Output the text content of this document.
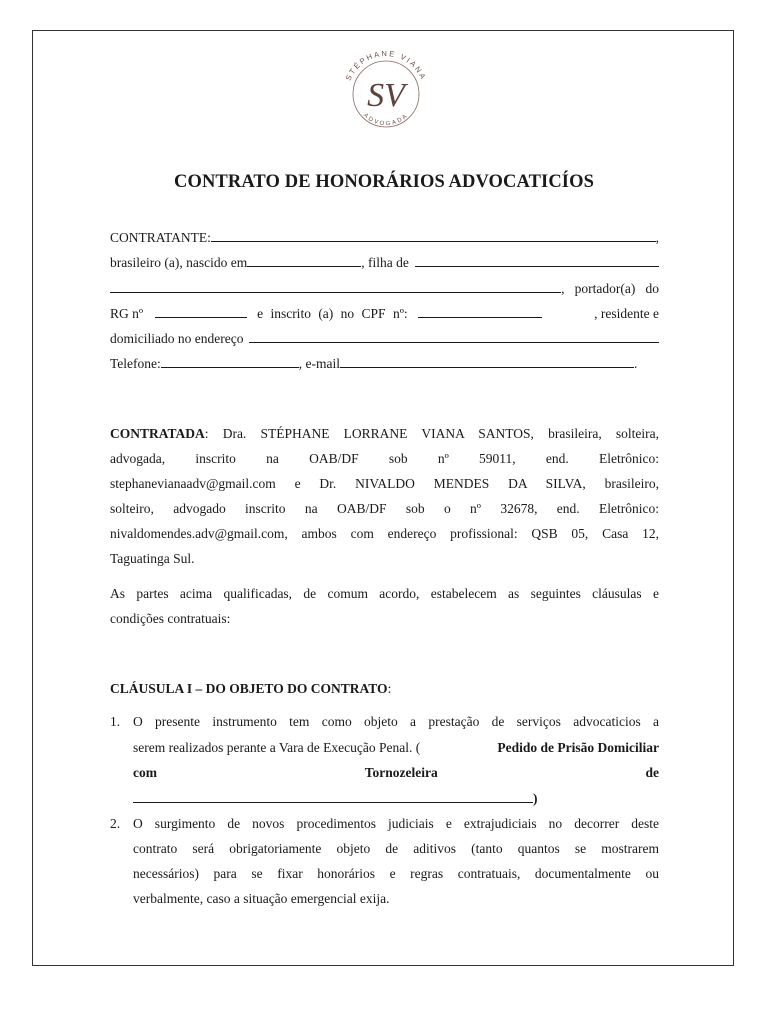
STÉPHANE VIANA
ADVOGADA
SV
CONTRATO DE HONORÁRIOS ADVOCATICÍOS
CONTRATANTE:	,
brasileiro (a), nascido em	, filha de
,   portador(a)   do
RG nº	e inscrito (a) no CPF nº:	, residente e
domiciliado no endereço
Telefone:	, e-mail	.
CONTRATADA: Dra. STÉPHANE LORRANE VIANA SANTOS, brasileira, solteira,
advogada, inscrito na OAB/DF sob nº 59011, end. Eletrônico:
stephanevianaadv@gmail.com e Dr. NIVALDO MENDES DA SILVA, brasileiro,
solteiro, advogado inscrito na OAB/DF sob o nº 32678, end. Eletrônico:
nivaldomendes.adv@gmail.com, ambos com endereço profissional: QSB 05, Casa 12,
Taguatinga Sul.
As partes acima qualificadas, de comum acordo, estabelecem as seguintes cláusulas e
condições contratuais:
CLÁUSULA I – DO OBJETO DO CONTRATO:
1. O presente instrumento tem como objeto a prestação de serviços advocaticios a
serem realizados perante a Vara de Execução Penal. (	Pedido de Prisão Domiciliar
com	Tornozeleira	de
)
2. O surgimento de novos procedimentos judiciais e extrajudiciais no decorrer deste
contrato será obrigatoriamente objeto de aditivos (tanto quantos se mostrarem
necessários) para se fixar honorários e regras contratuais, documentalmente ou
verbalmente, caso a situação emergencial exija.
